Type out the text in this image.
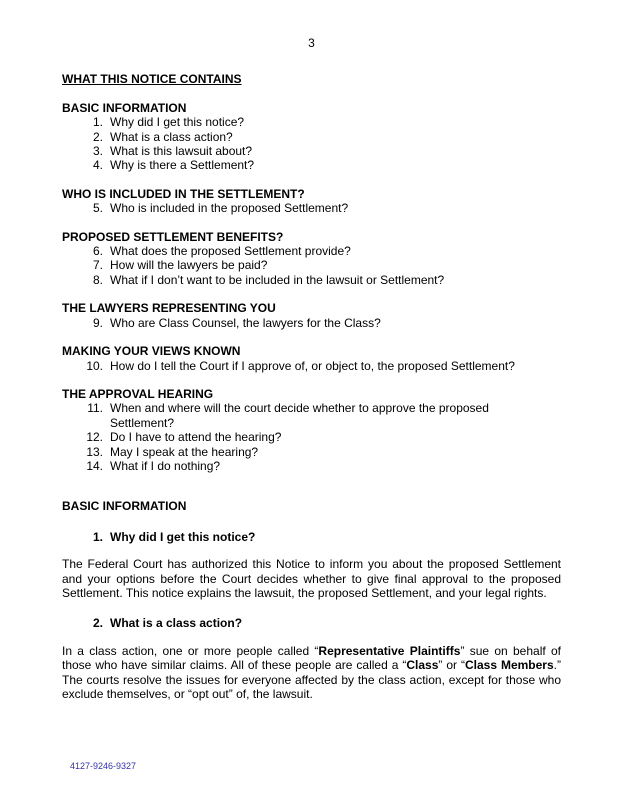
3
WHAT THIS NOTICE CONTAINS
BASIC INFORMATION
1. Why did I get this notice?
2. What is a class action?
3. What is this lawsuit about?
4. Why is there a Settlement?
WHO IS INCLUDED IN THE SETTLEMENT?
5. Who is included in the proposed Settlement?
PROPOSED SETTLEMENT BENEFITS?
6. What does the proposed Settlement provide?
7. How will the lawyers be paid?
8. What if I don’t want to be included in the lawsuit or Settlement?
THE LAWYERS REPRESENTING YOU
9. Who are Class Counsel, the lawyers for the Class?
MAKING YOUR VIEWS KNOWN
10. How do I tell the Court if I approve of, or object to, the proposed Settlement?
THE APPROVAL HEARING
11. When and where will the court decide whether to approve the proposed Settlement?
12. Do I have to attend the hearing?
13. May I speak at the hearing?
14. What if I do nothing?
BASIC INFORMATION
1. Why did I get this notice?

The Federal Court has authorized this Notice to inform you about the proposed Settlement and your options before the Court decides whether to give final approval to the proposed Settlement. This notice explains the lawsuit, the proposed Settlement, and your legal rights.

2. What is a class action?

In a class action, one or more people called “Representative Plaintiffs” sue on behalf of those who have similar claims. All of these people are called a “Class” or “Class Members.” The courts resolve the issues for everyone affected by the class action, except for those who exclude themselves, or “opt out” of, the lawsuit.

4127-9246-9327
